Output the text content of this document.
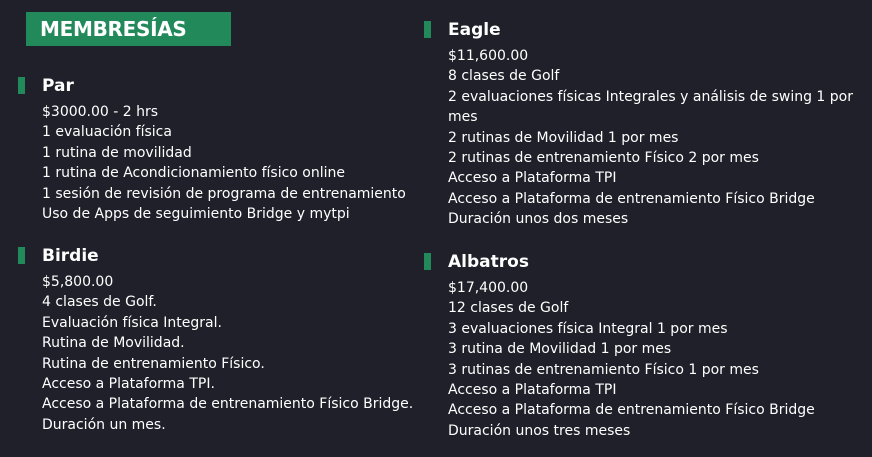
MEMBRESÍAS
Par
$3000.00 - 2 hrs
1 evaluación física
1 rutina de movilidad
1 rutina de Acondicionamiento físico online
1 sesión de revisión de programa de entrenamiento
Uso de Apps de seguimiento Bridge y mytpi
Birdie
$5,800.00
4 clases de Golf.
Evaluación física Integral.
Rutina de Movilidad.
Rutina de entrenamiento Físico.
Acceso a Plataforma TPI.
Acceso a Plataforma de entrenamiento Físico Bridge.
Duración un mes.
Eagle
$11,600.00
8 clases de Golf
2 evaluaciones físicas Integrales y análisis de swing 1 por mes
2 rutinas de Movilidad 1 por mes
2 rutinas de entrenamiento Físico 2 por mes
Acceso a Plataforma TPI
Acceso a Plataforma de entrenamiento Físico Bridge
Duración unos dos meses
Albatros
$17,400.00
12 clases de Golf
3 evaluaciones física Integral 1 por mes
3 rutina de Movilidad 1 por mes
3 rutinas de entrenamiento Físico 1 por mes
Acceso a Plataforma TPI
Acceso a Plataforma de entrenamiento Físico Bridge
Duración unos tres meses
